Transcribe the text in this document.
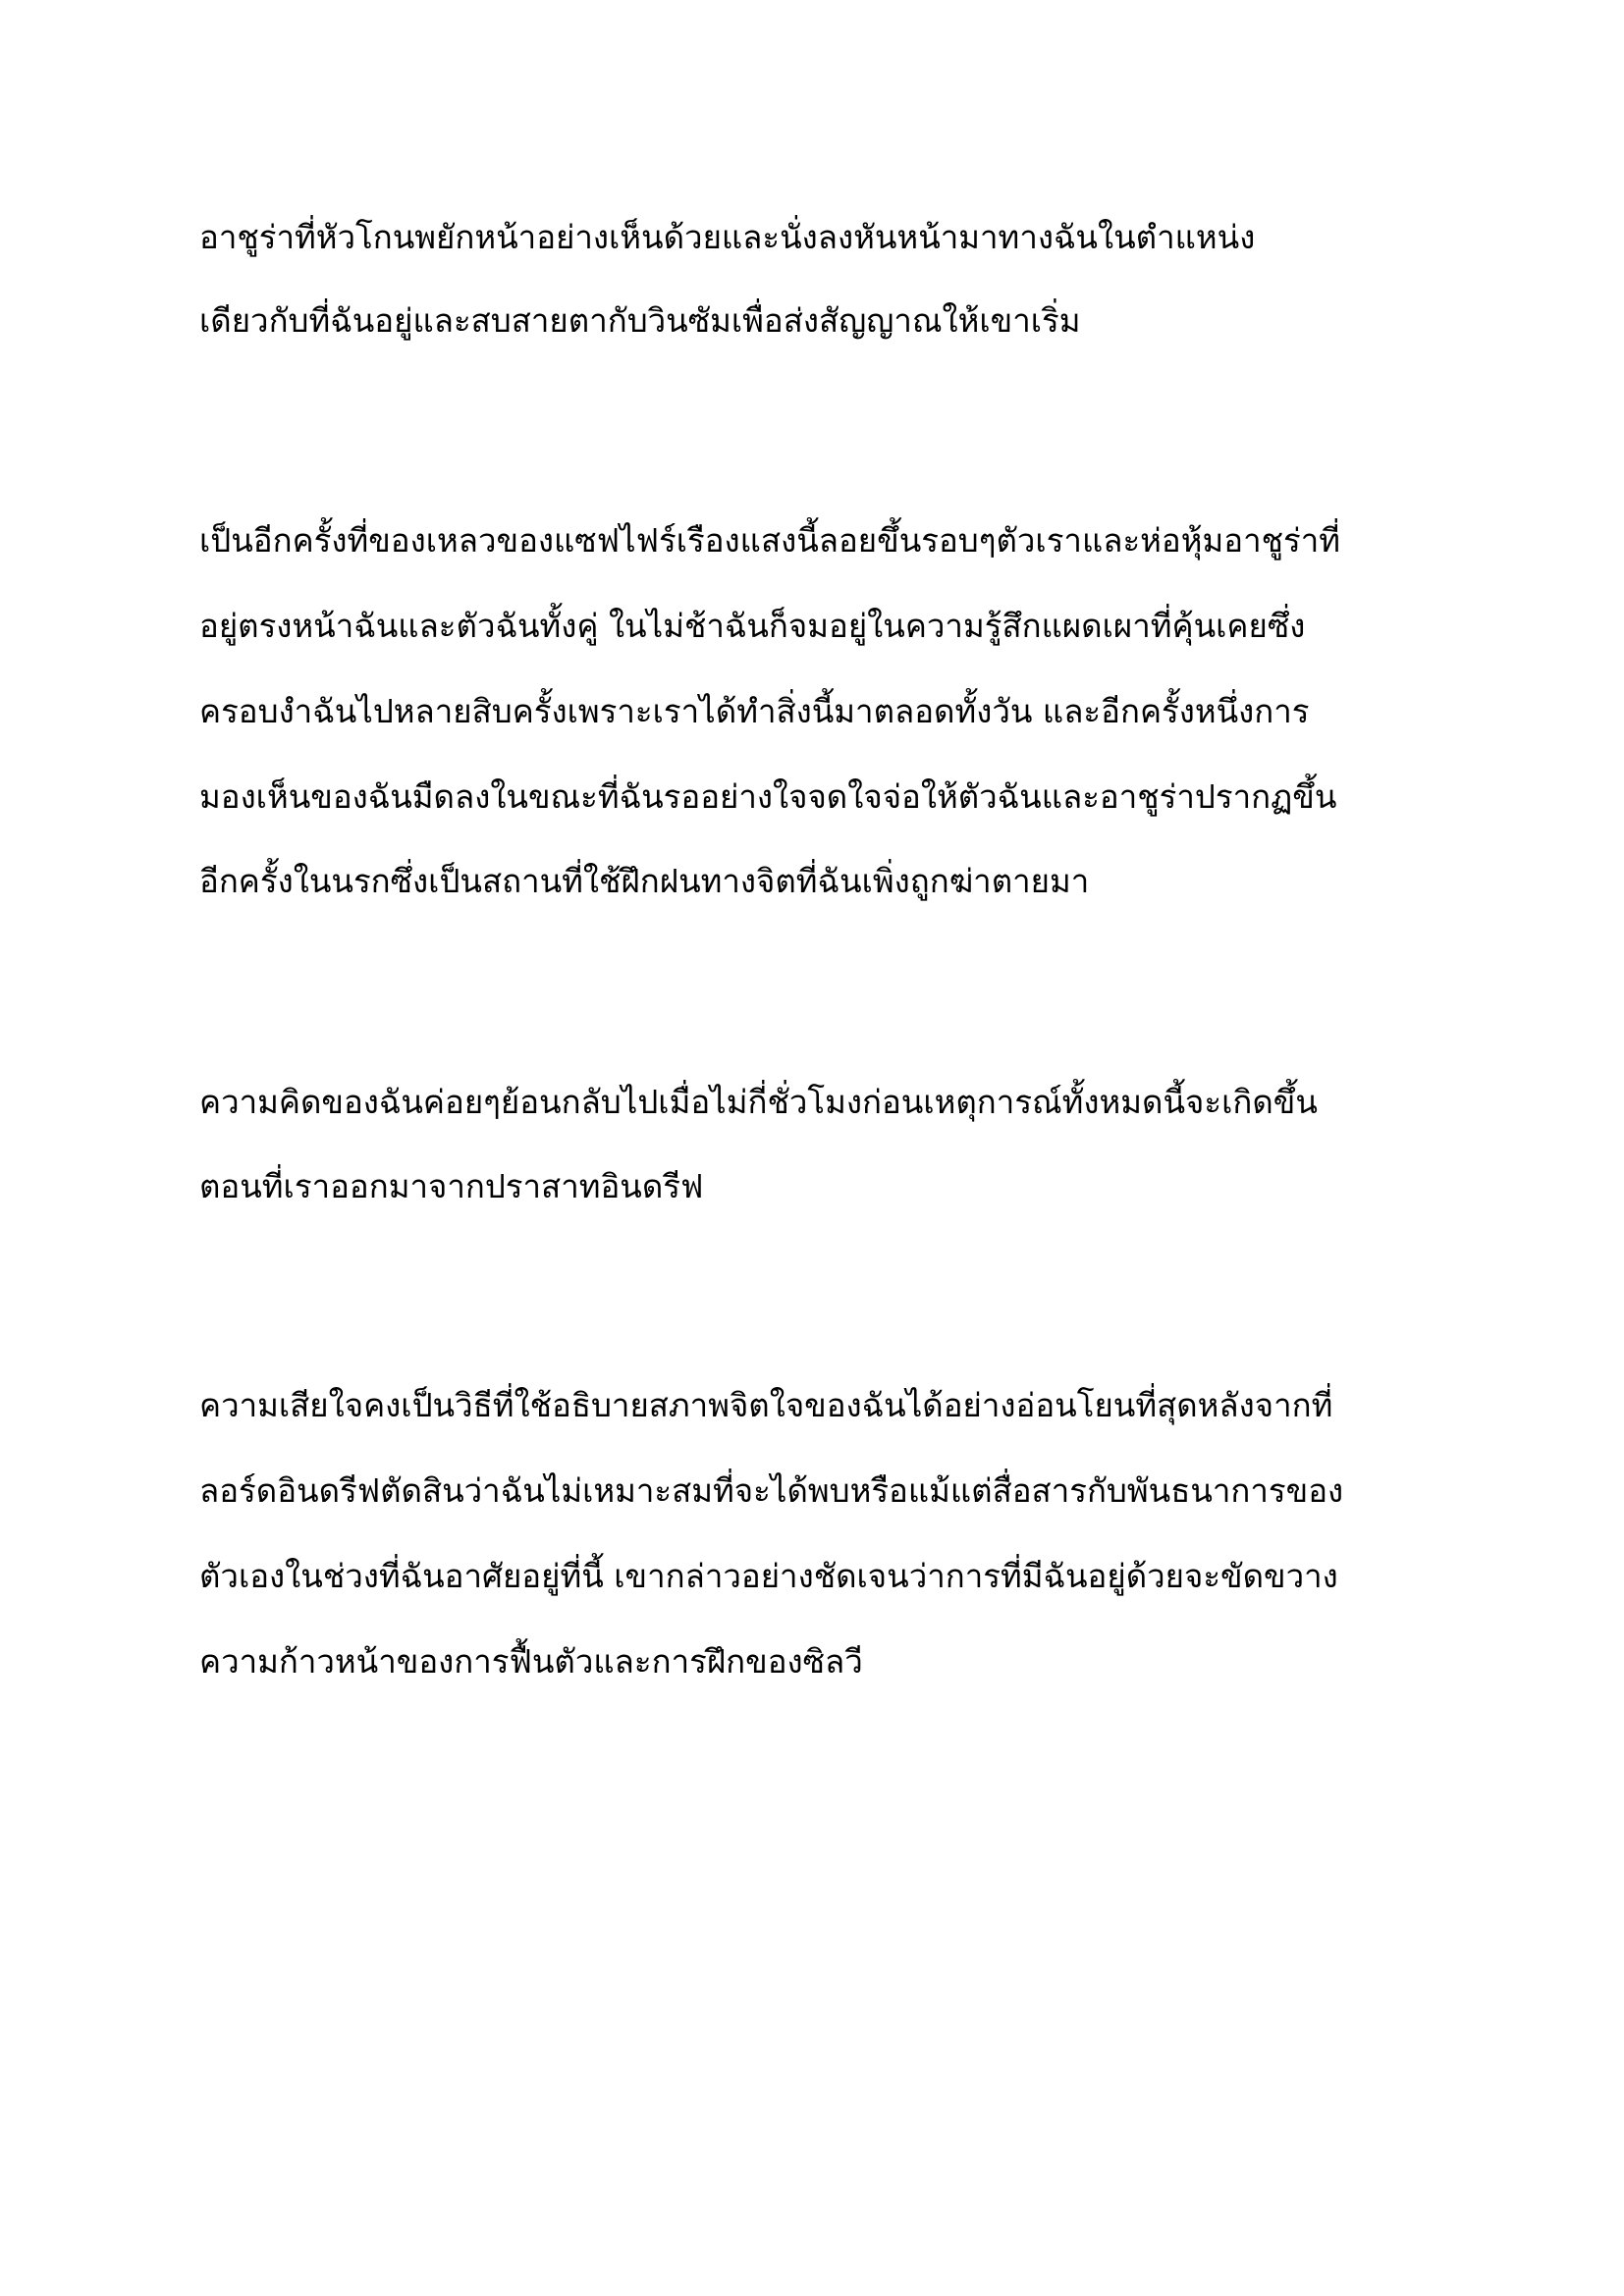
อาชูร่าที่หัวโกนพยักหน้าอย่างเห็นด้วยและนั่งลงหันหน้ามาทางฉันในตำแหน่ง

เดียวกับที่ฉันอยู่และสบสายตากับวินซัมเพื่อส่งสัญญาณให้เขาเริ่ม

เป็นอีกครั้งที่ของเหลวของแซฟไฟร์เรืองแสงนี้ลอยขึ้นรอบๆตัวเราและห่อหุ้มอาชูร่าที่

อยู่ตรงหน้าฉันและตัวฉันทั้งคู่ ในไม่ช้าฉันก็จมอยู่ในความรู้สึกแผดเผาที่คุ้นเคยซึ่ง

ครอบงำฉันไปหลายสิบครั้งเพราะเราได้ทำสิ่งนี้มาตลอดทั้งวัน และอีกครั้งหนึ่งการ

มองเห็นของฉันมืดลงในขณะที่ฉันรออย่างใจจดใจจ่อให้ตัวฉันและอาชูร่าปรากฏขึ้น

อีกครั้งในนรกซึ่งเป็นสถานที่ใช้ฝึกฝนทางจิตที่ฉันเพิ่งถูกฆ่าตายมา

ความคิดของฉันค่อยๆย้อนกลับไปเมื่อไม่กี่ชั่วโมงก่อนเหตุการณ์ทั้งหมดนี้จะเกิดขึ้น

ตอนที่เราออกมาจากปราสาทอินดรีฟ

ความเสียใจคงเป็นวิธีที่ใช้อธิบายสภาพจิตใจของฉันได้อย่างอ่อนโยนที่สุดหลังจากที่

ลอร์ดอินดรีฟตัดสินว่าฉันไม่เหมาะสมที่จะได้พบหรือแม้แต่สื่อสารกับพันธนาการของ

ตัวเองในช่วงที่ฉันอาศัยอยู่ที่นี้ เขากล่าวอย่างชัดเจนว่าการที่มีฉันอยู่ด้วยจะขัดขวาง

ความก้าวหน้าของการฟื้นตัวและการฝึกของซิลวี
